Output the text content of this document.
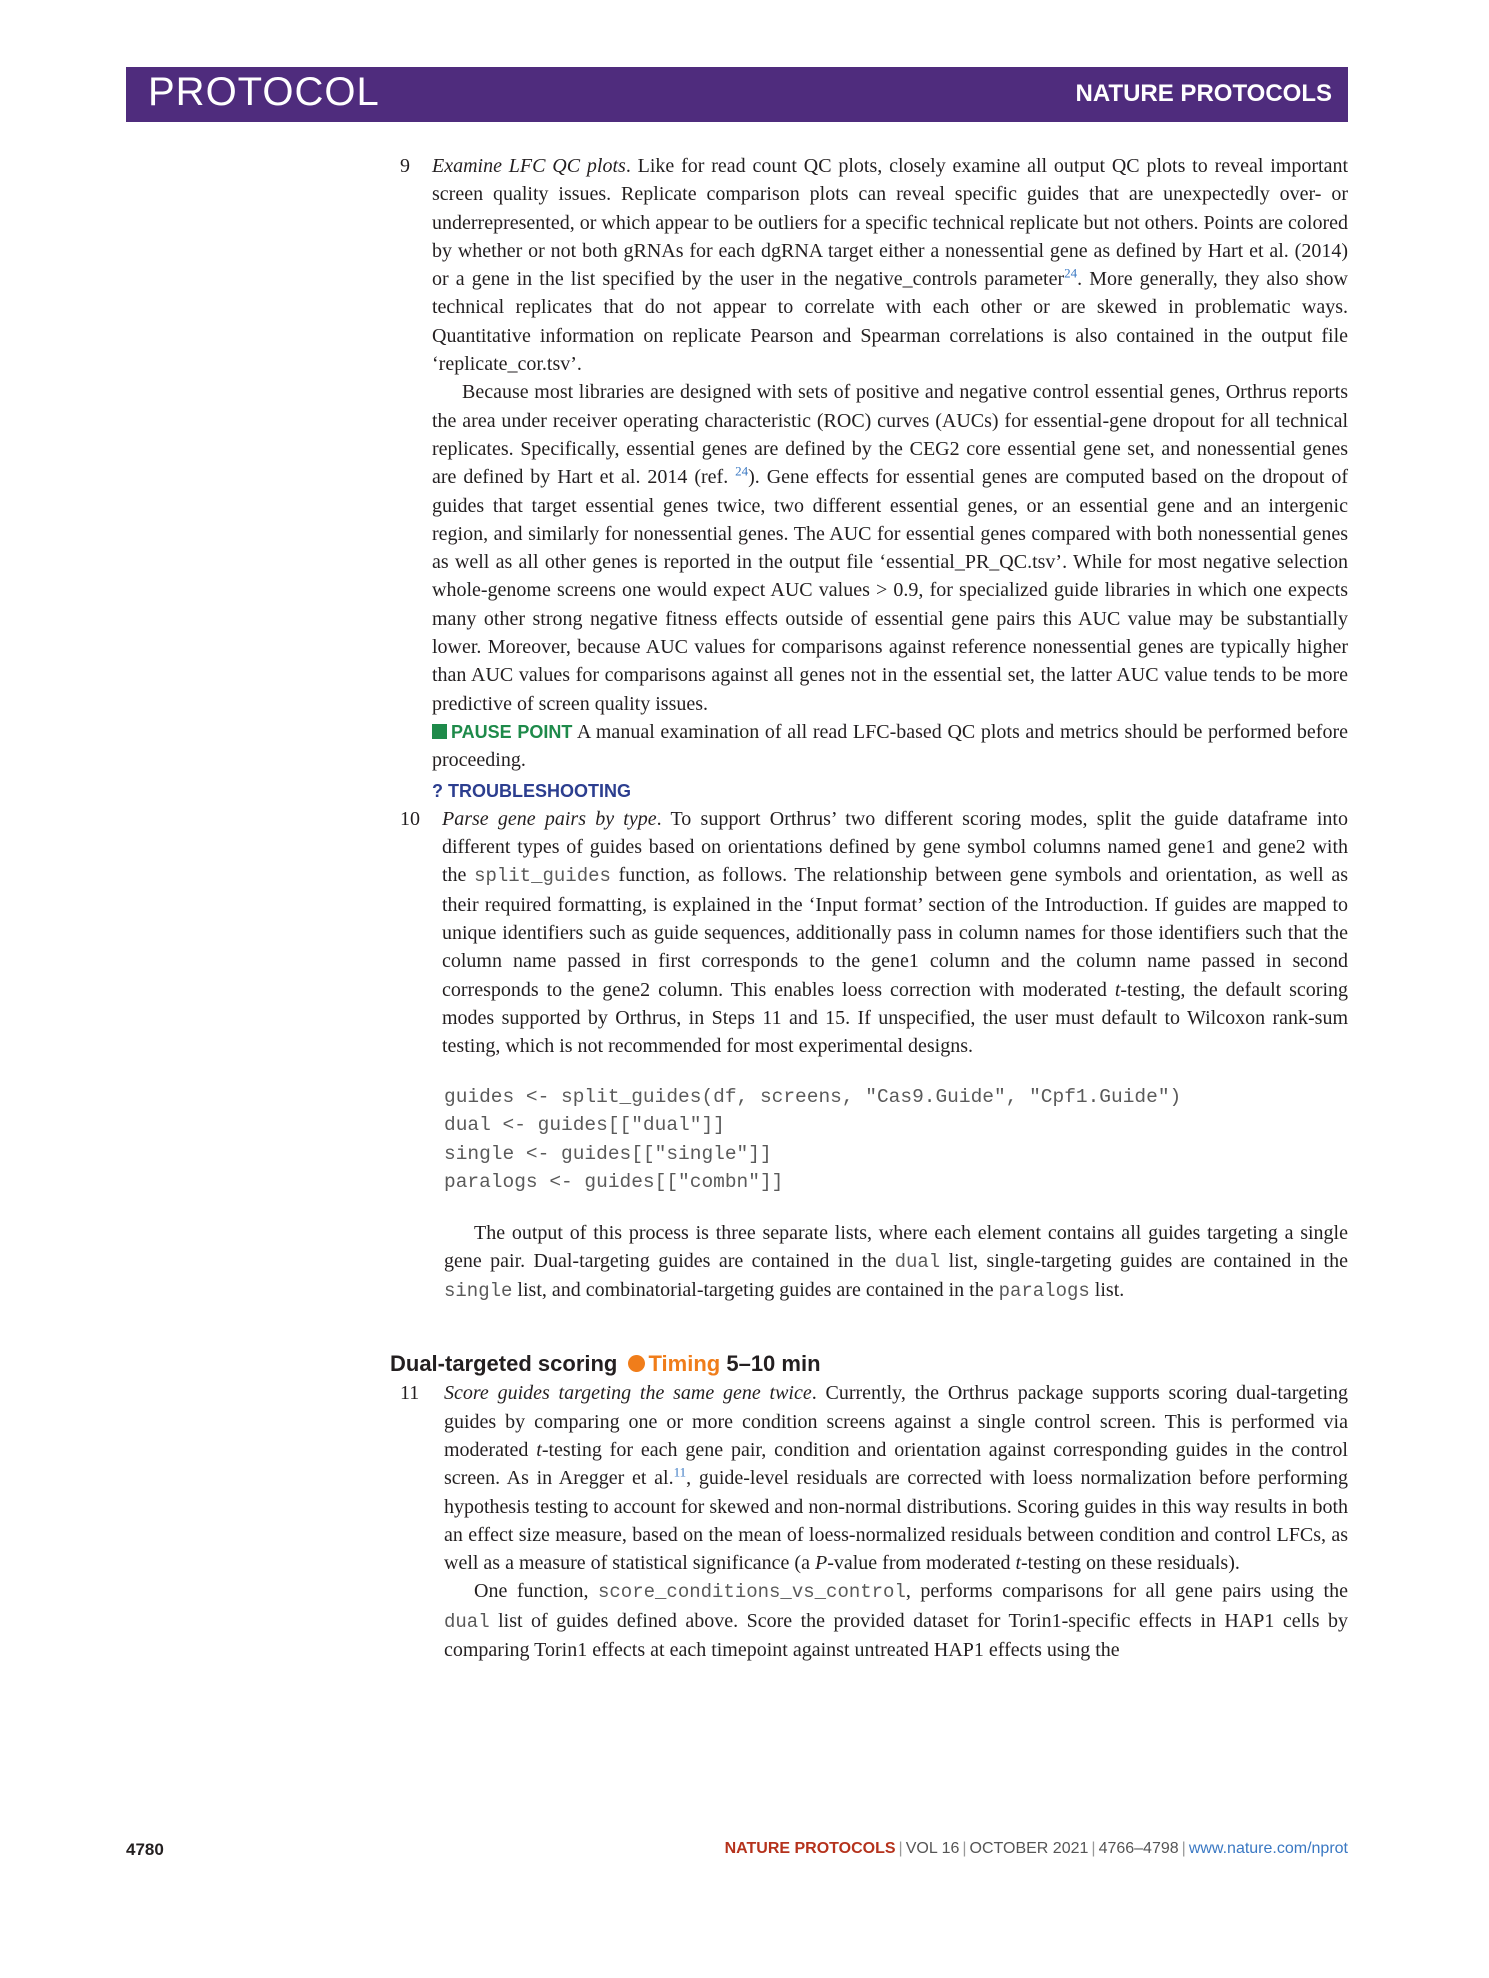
PROTOCOL	NATURE PROTOCOLS
9 Examine LFC QC plots. Like for read count QC plots, closely examine all output QC plots to reveal important screen quality issues. Replicate comparison plots can reveal specific guides that are unexpectedly over- or underrepresented, or which appear to be outliers for a specific technical replicate but not others. Points are colored by whether or not both gRNAs for each dgRNA target either a nonessential gene as defined by Hart et al. (2014) or a gene in the list specified by the user in the negative_controls parameter$^{24}$. More generally, they also show technical replicates that do not appear to correlate with each other or are skewed in problematic ways. Quantitative information on replicate Pearson and Spearman correlations is also contained in the output file ‘replicate_cor.tsv’.

Because most libraries are designed with sets of positive and negative control essential genes, Orthrus reports the area under receiver operating characteristic (ROC) curves (AUCs) for essential-gene dropout for all technical replicates. Specifically, essential genes are defined by the CEG2 core essential gene set, and nonessential genes are defined by Hart et al. 2014 (ref. $^{24}$). Gene effects for essential genes are computed based on the dropout of guides that target essential genes twice, two different essential genes, or an essential gene and an intergenic region, and similarly for nonessential genes. The AUC for essential genes compared with both nonessential genes as well as all other genes is reported in the output file ‘essential_PR_QC.tsv’. While for most negative selection whole-genome screens one would expect AUC values > 0.9, for specialized guide libraries in which one expects many other strong negative fitness effects outside of essential gene pairs this AUC value may be substantially lower. Moreover, because AUC values for comparisons against reference nonessential genes are typically higher than AUC values for comparisons against all genes not in the essential set, the latter AUC value tends to be more predictive of screen quality issues.

PAUSE POINT A manual examination of all read LFC-based QC plots and metrics should be performed before proceeding.

? TROUBLESHOOTING
10 Parse gene pairs by type. To support Orthrus’ two different scoring modes, split the guide dataframe into different types of guides based on orientations defined by gene symbol columns named gene1 and gene2 with the split_guides function, as follows. The relationship between gene symbols and orientation, as well as their required formatting, is explained in the ‘Input format’ section of the Introduction. If guides are mapped to unique identifiers such as guide sequences, additionally pass in column names for those identifiers such that the column name passed in first corresponds to the gene1 column and the column name passed in second corresponds to the gene2 column. This enables loess correction with moderated t-testing, the default scoring modes supported by Orthrus, in Steps 11 and 15. If unspecified, the user must default to Wilcoxon rank-sum testing, which is not recommended for most experimental designs.

guides <- split_guides(df, screens, "Cas9.Guide", "Cpf1.Guide")
dual <- guides[["dual"]]
single <- guides[["single"]]
paralogs <- guides[["combn"]]

The output of this process is three separate lists, where each element contains all guides targeting a single gene pair. Dual-targeting guides are contained in the dual list, single-targeting guides are contained in the single list, and combinatorial-targeting guides are contained in the paralogs list.

Dual-targeted scoring Timing 5–10 min
11 Score guides targeting the same gene twice. Currently, the Orthrus package supports scoring dual-targeting guides by comparing one or more condition screens against a single control screen. This is performed via moderated t-testing for each gene pair, condition and orientation against corresponding guides in the control screen. As in Aregger et al.$^{11}$, guide-level residuals are corrected with loess normalization before performing hypothesis testing to account for skewed and non-normal distributions. Scoring guides in this way results in both an effect size measure, based on the mean of loess-normalized residuals between condition and control LFCs, as well as a measure of statistical significance (a P-value from moderated t-testing on these residuals).

One function, score_conditions_vs_control, performs comparisons for all gene pairs using the dual list of guides defined above. Score the provided dataset for Torin1-specific effects in HAP1 cells by comparing Torin1 effects at each timepoint against untreated HAP1 effects using the

4780	NATURE PROTOCOLS | VOL 16 | OCTOBER 2021 | 4766–4798 | www.nature.com/nprot
